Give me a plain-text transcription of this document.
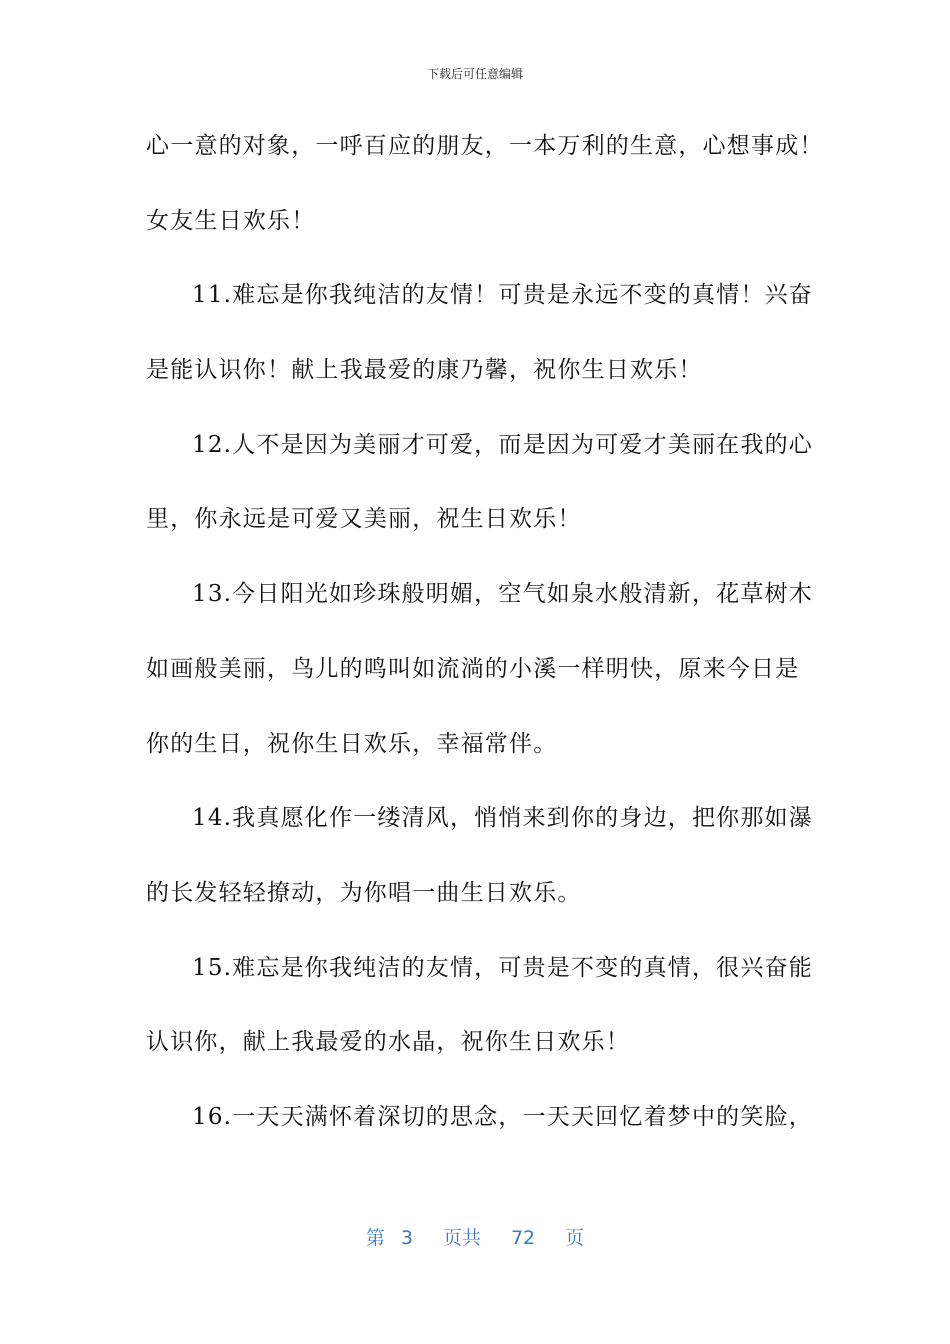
下载后可任意编辑
心一意的对象，一呼百应的朋友，一本万利的生意，心想事成！
女友生日欢乐！
11.难忘是你我纯洁的友情！可贵是永远不变的真情！兴奋
是能认识你！献上我最爱的康乃馨，祝你生日欢乐！
12.人不是因为美丽才可爱，而是因为可爱才美丽在我的心
里，你永远是可爱又美丽，祝生日欢乐！
13.今日阳光如珍珠般明媚，空气如泉水般清新，花草树木
如画般美丽，鸟儿的鸣叫如流淌的小溪一样明快，原来今日是
你的生日，祝你生日欢乐，幸福常伴。
14.我真愿化作一缕清风，悄悄来到你的身边，把你那如瀑
的长发轻轻撩动，为你唱一曲生日欢乐。
15.难忘是你我纯洁的友情，可贵是不变的真情，很兴奋能
认识你，献上我最爱的水晶，祝你生日欢乐！
16.一天天满怀着深切的思念，一天天回忆着梦中的笑脸，
第 3 页共 72 页
